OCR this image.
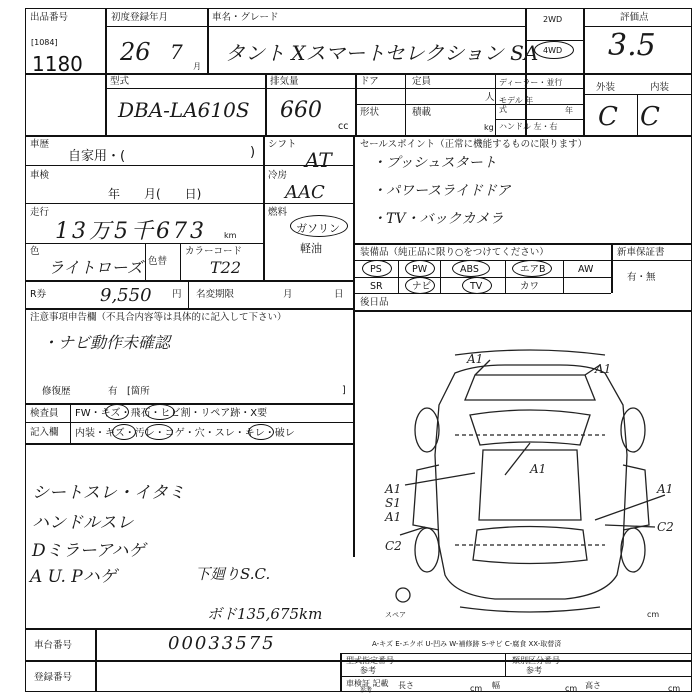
出品番号
[1084]
1180
初度登録年月
26 7
月
車名・グレード
タント Xスマートセレクション SA
2WD
4WD
評価点
3.5
型式
DBA-LA610S
排気量
660
cc
ドア
形状
定員
積載
人
kg
ディーラー・並行
モデル 年式	年
ハンドル 左・右
外装	内装
C C
車歴
自家用・(	)
シフト
AT
車検
年　　月(　　日)
冷房
AAC
走行
13万5千673 km
燃料
ガソリン
軽油
色
ライトローズ 色替
カラーコード
T22
R券	9,550 円 名変期限	月	日
注意事項申告欄（不具合内容等は具体的に記入して下さい）
・ナビ動作未確認
修復歴	有　[箇所	]
検査員
記入欄
FW・キズ・飛石・ヒビ割・リペア跡・X要
内装・キズ・汚レ・コゲ・穴・スレ・キレ・破レ
シートスレ・イタミ
ハンドルスレ
Dミラーアハゲ
A U. Pハゲ	下廻りS.C.
ボド135,675km
セールスポイント（正常に機能するものに限ります）
・プッシュスタート
・パワースライドドア
・TV・バックカメラ
装備品（純正品に限り○をつけてください）	新車保証書
有・無
PS	PW	ABS	エアB	AW
SR	ナビ	TV	カワ
後日品
A1
A1
A1
A1	A1
S1
A1
C2
C2
スペア	cm
A-キズ E-エクボ U-凹み W-補修跡 S-サビ C-腐食 XX-取替済
車台番号	00033575
登録番号
型式指定番号
参考
類別区分番号
参考
車検証 記載
参考
長さ	cm 幅	cm 高さ	cm
